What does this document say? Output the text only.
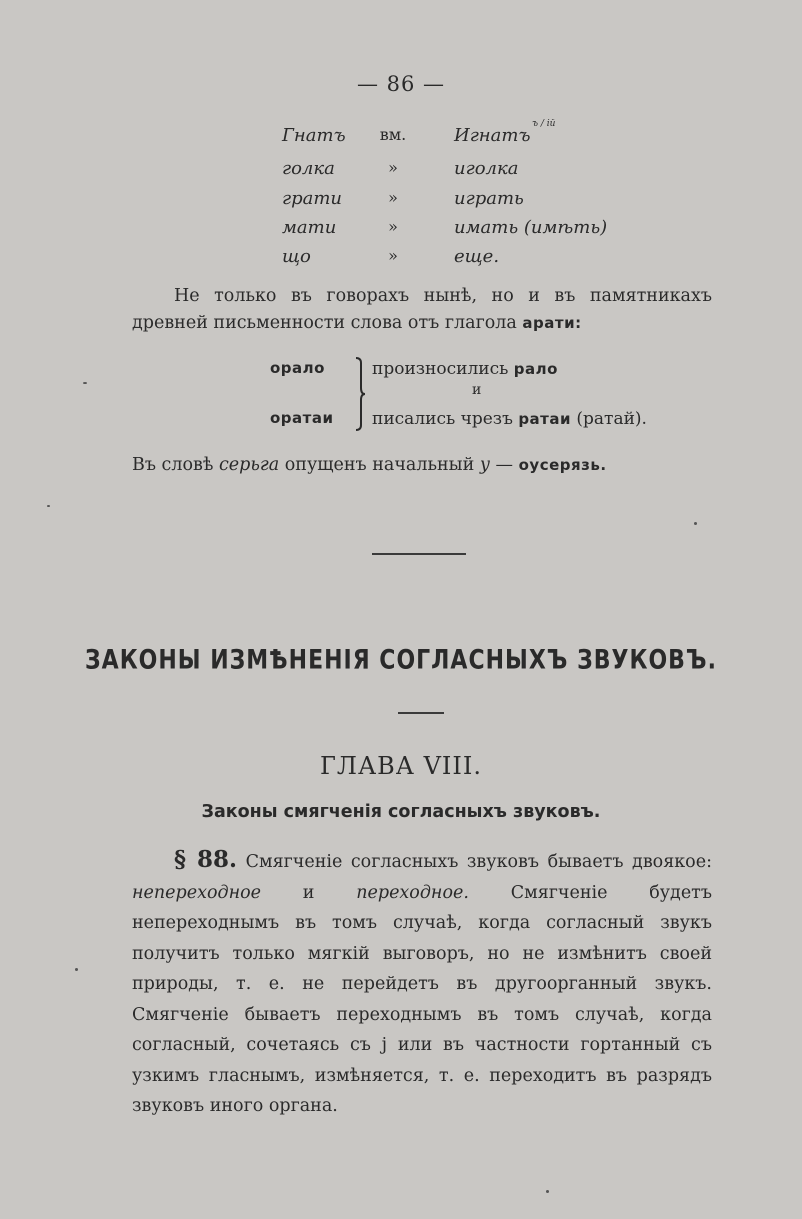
— 86 —
Гнатъ вм.	Игнатъ
ъ / iй
голка	»	иголка
грати	»	играть
мати	»	имать (имѣть)
що	»	еще.
Не только въ говорахъ нынѣ, но и въ памятникахъ древней письменности слова отъ глагола арати:
орало
оратаи
произносились рало
и
писались чрезъ ратаи (ратай).
Въ словѣ серьга опущенъ начальный у — оусерязь.
ЗАКОНЫ ИЗМѢНЕНІЯ СОГЛАСНЫХЪ ЗВУКОВЪ.
ГЛАВА VIII.
Законы смягченія согласныхъ звуковъ.
§ 88. Смягченіе согласныхъ звуковъ бываетъ двоякое: непереходное и переходное. Смягченіе будетъ непереходнымъ въ томъ случаѣ, когда согласный звукъ получитъ только мягкій выговоръ, но не измѣнитъ своей природы, т. е. не перейдетъ въ другоорганный звукъ. Смягченіе бываетъ переходнымъ въ томъ случаѣ, когда согласный, сочетаясь съ j или въ частности гортанный съ узкимъ гласнымъ, измѣняется, т. е. переходитъ въ разрядъ звуковъ иного органа.
